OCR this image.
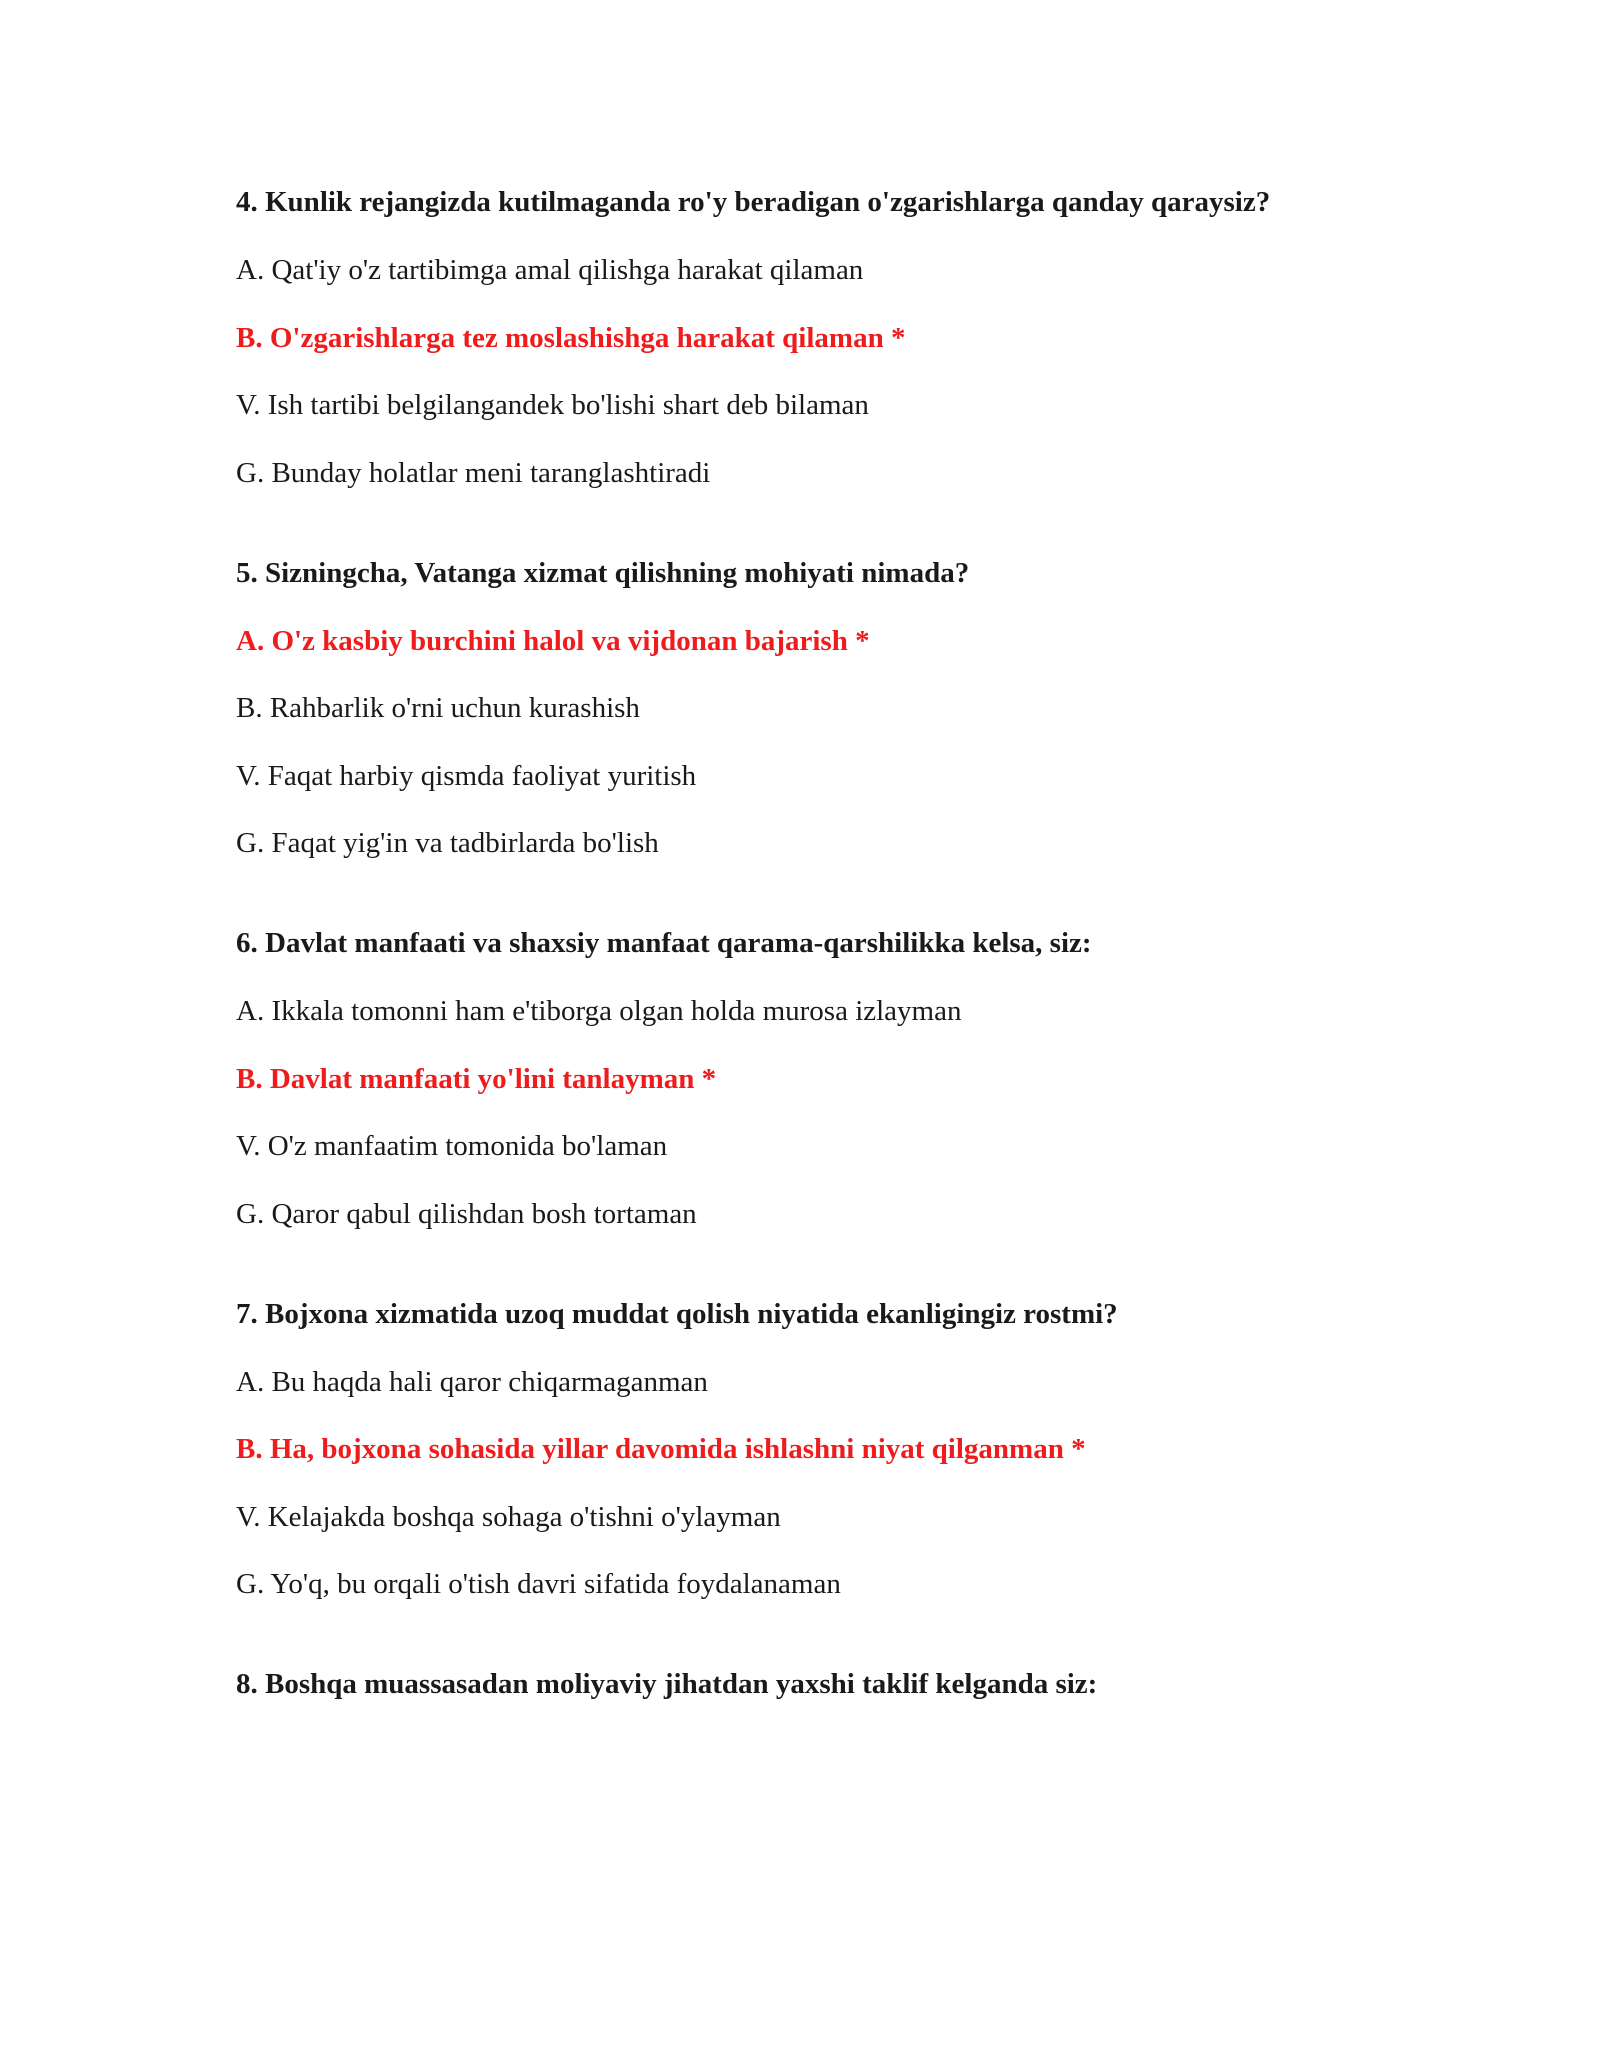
4. Kunlik rejangizda kutilmaganda ro'y beradigan o'zgarishlarga qanday qaraysiz?
A. Qat'iy o'z tartibimga amal qilishga harakat qilaman
B. O'zgarishlarga tez moslashishga harakat qilaman *
V. Ish tartibi belgilangandek bo'lishi shart deb bilaman
G. Bunday holatlar meni taranglashtiradi
5. Sizningcha, Vatanga xizmat qilishning mohiyati nimada?
A. O'z kasbiy burchini halol va vijdonan bajarish *
B. Rahbarlik o'rni uchun kurashish
V. Faqat harbiy qismda faoliyat yuritish
G. Faqat yig'in va tadbirlarda bo'lish
6. Davlat manfaati va shaxsiy manfaat qarama-qarshilikka kelsa, siz:
A. Ikkala tomonni ham e'tiborga olgan holda murosa izlayman
B. Davlat manfaati yo'lini tanlayman *
V. O'z manfaatim tomonida bo'laman
G. Qaror qabul qilishdan bosh tortaman
7. Bojxona xizmatida uzoq muddat qolish niyatida ekanligingiz rostmi?
A. Bu haqda hali qaror chiqarmaganman
B. Ha, bojxona sohasida yillar davomida ishlashni niyat qilganman *
V. Kelajakda boshqa sohaga o'tishni o'ylayman
G. Yo'q, bu orqali o'tish davri sifatida foydalanaman
8. Boshqa muassasadan moliyaviy jihatdan yaxshi taklif kelganda siz:
